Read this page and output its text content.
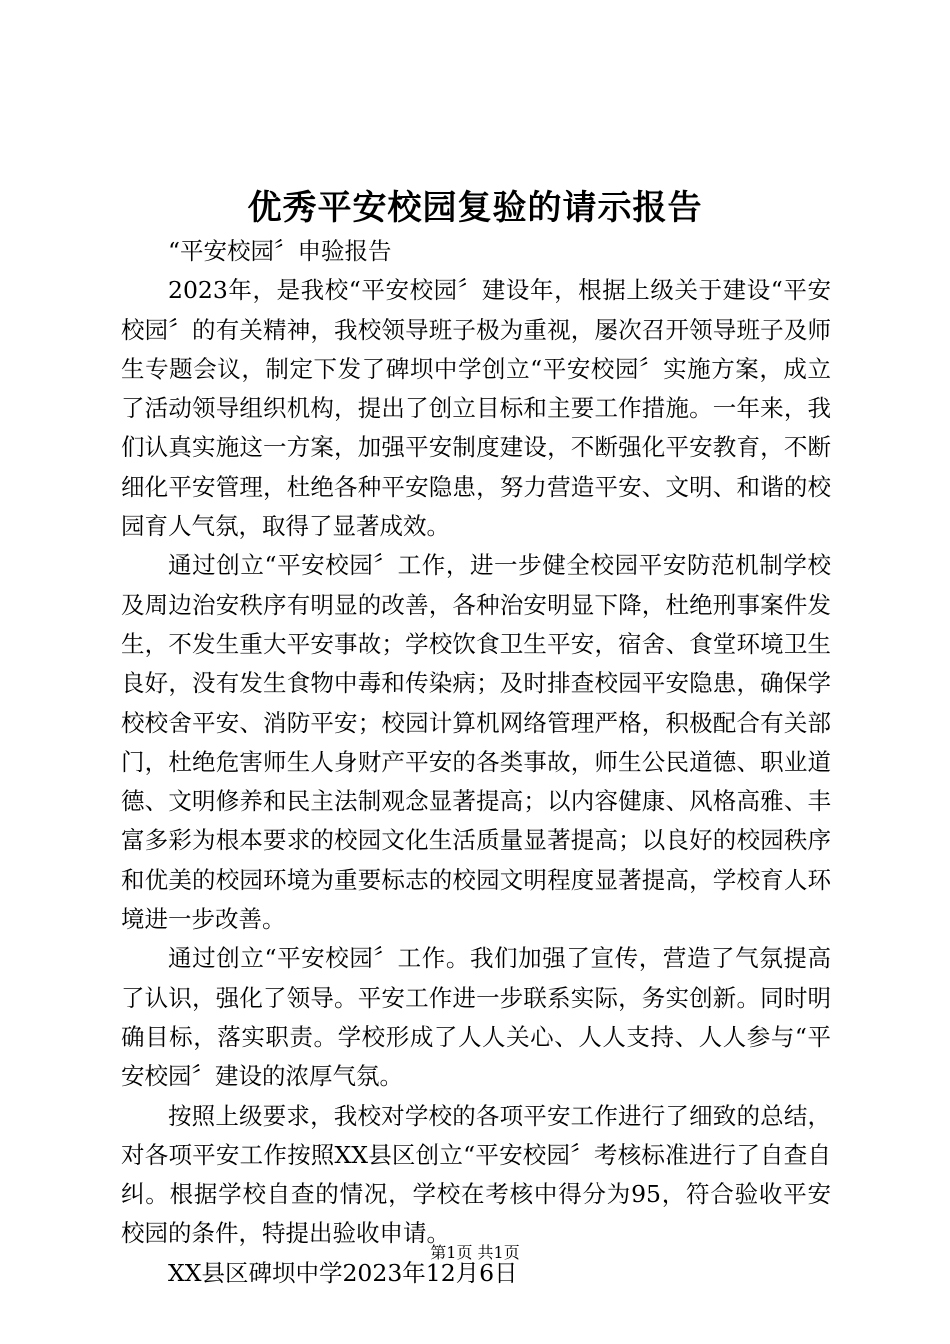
优秀平安校园复验的请示报告

“平安校园〞申验报告

2023年，是我校“平安校园〞建设年，根据上级关于建设“平安校园〞的有关精神，我校领导班子极为重视，屡次召开领导班子及师生专题会议，制定下发了碑坝中学创立“平安校园〞实施方案，成立了活动领导组织机构，提出了创立目标和主要工作措施。一年来，我们认真实施这一方案，加强平安制度建设，不断强化平安教育，不断细化平安管理，杜绝各种平安隐患，努力营造平安、文明、和谐的校园育人气氛，取得了显著成效。

通过创立“平安校园〞工作，进一步健全校园平安防范机制学校及周边治安秩序有明显的改善，各种治安明显下降，杜绝刑事案件发生，不发生重大平安事故；学校饮食卫生平安，宿舍、食堂环境卫生良好，没有发生食物中毒和传染病；及时排查校园平安隐患，确保学校校舍平安、消防平安；校园计算机网络管理严格，积极配合有关部门，杜绝危害师生人身财产平安的各类事故，师生公民道德、职业道德、文明修养和民主法制观念显著提高；以内容健康、风格高雅、丰富多彩为根本要求的校园文化生活质量显著提高；以良好的校园秩序和优美的校园环境为重要标志的校园文明程度显著提高，学校育人环境进一步改善。

通过创立“平安校园〞工作。我们加强了宣传，营造了气氛提高了认识，强化了领导。平安工作进一步联系实际，务实创新。同时明确目标，落实职责。学校形成了人人关心、人人支持、人人参与“平安校园〞建设的浓厚气氛。

按照上级要求，我校对学校的各项平安工作进行了细致的总结，对各项平安工作按照XX县区创立“平安校园〞考核标准进行了自查自纠。根据学校自查的情况，学校在考核中得分为95，符合验收平安校园的条件，特提出验收申请。

XX县区碑坝中学2023年12月6日

第1页 共1页
